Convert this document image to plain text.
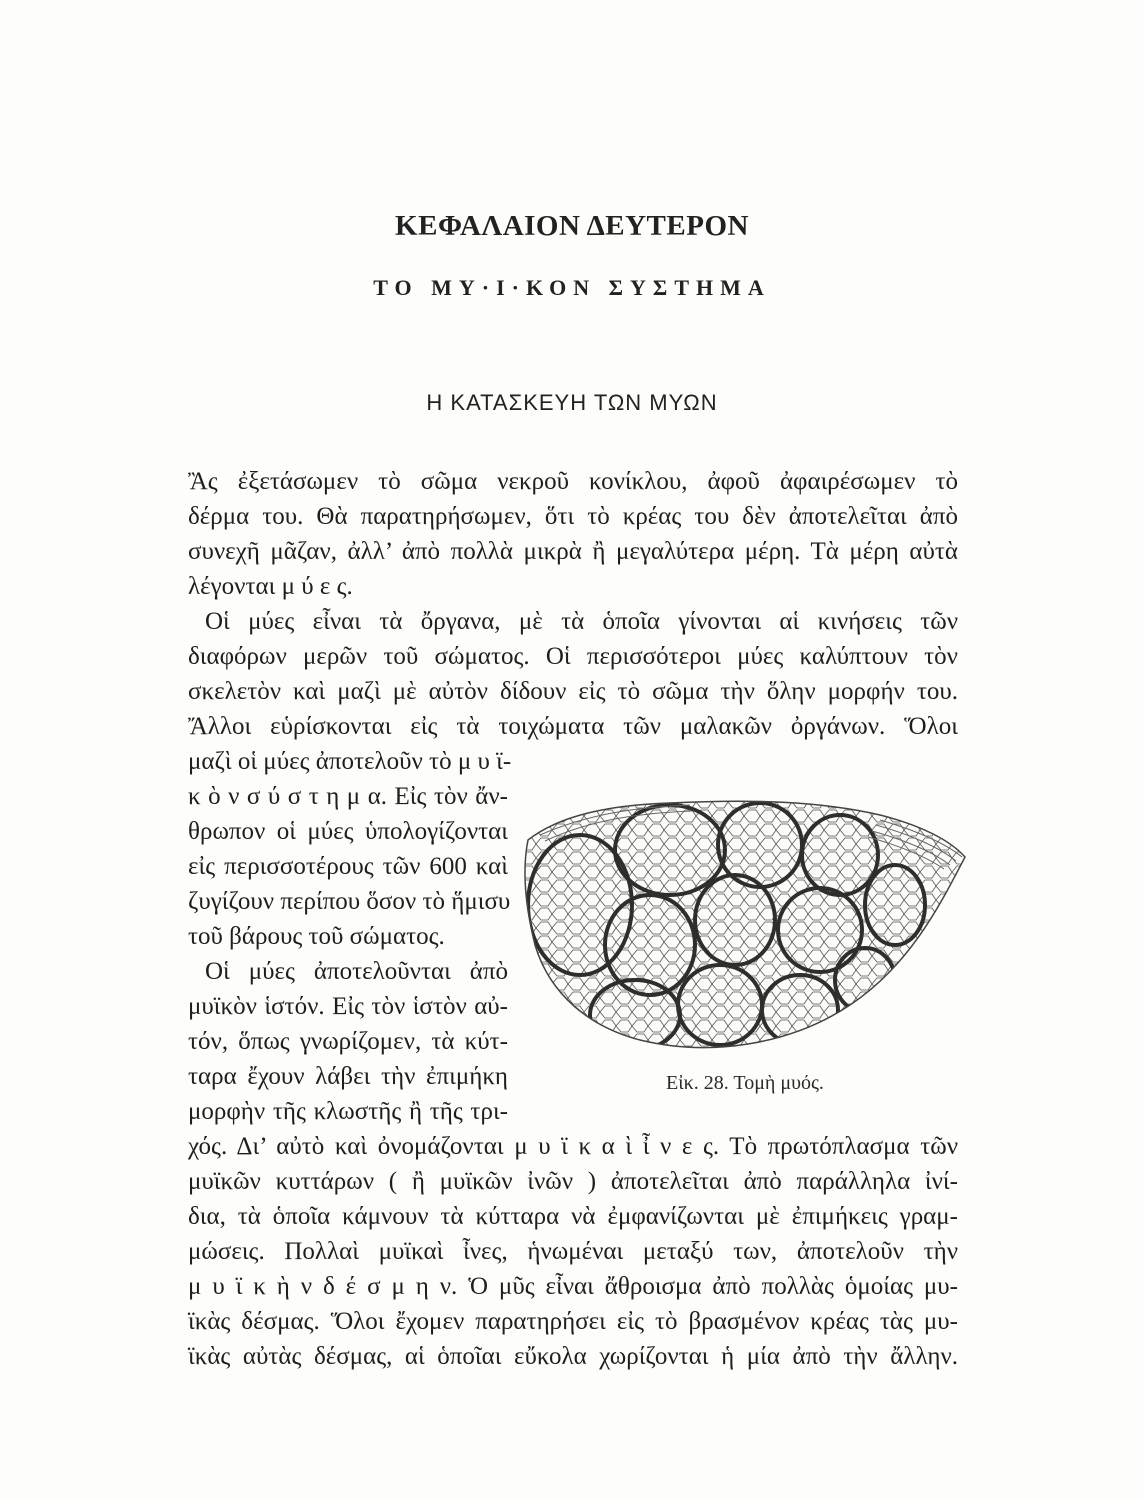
ΚΕΦΑΛΑΙΟΝ ΔΕΥΤΕΡΟΝ
ΤΟ ΜΥ·Ι·ΚΟΝ ΣΥΣΤΗΜΑ
Η ΚΑΤΑΣΚΕΥΗ ΤΩΝ ΜΥΩΝ
Ἂς ἐξετάσωμεν τὸ σῶμα νεκροῦ κονίκλου, ἀφοῦ ἀφαιρέσωμεν τὸ
δέρμα του. Θὰ παρατηρήσωμεν, ὅτι τὸ κρέας του δὲν ἀποτελεῖται ἀπὸ
συνεχῆ μᾶζαν, ἀλλ’ ἀπὸ πολλὰ μικρὰ ἢ μεγαλύτερα μέρη. Τὰ μέρη αὐτὰ
λέγονται μ ύ ε ς.
Οἱ μύες εἶναι τὰ ὄργανα, μὲ τὰ ὁποῖα γίνονται αἱ κινήσεις τῶν
διαφόρων μερῶν τοῦ σώματος. Οἱ περισσότεροι μύες καλύπτουν τὸν
σκελετὸν καὶ μαζὶ μὲ αὐτὸν δίδουν εἰς τὸ σῶμα τὴν ὅλην μορφήν του.
Ἄλλοι εὑρίσκονται εἰς τὰ τοιχώματα τῶν μαλακῶν ὀργάνων. Ὅλοι
μαζὶ οἱ μύες ἀποτελοῦν τὸ μ υ ϊ-
κ ὸ ν σ ύ σ τ η μ α. Εἰς τὸν ἄν-
θρωπον οἱ μύες ὑπολογίζονται
εἰς περισσοτέρους τῶν 600 καὶ
ζυγίζουν περίπου ὅσον τὸ ἥμισυ
τοῦ βάρους τοῦ σώματος.
Οἱ μύες ἀποτελοῦνται ἀπὸ
μυϊκὸν ἱστόν. Εἰς τὸν ἱστὸν αὐ-
τόν, ὅπως γνωρίζομεν, τὰ κύτ-
ταρα ἔχουν λάβει τὴν ἐπιμήκη
μορφὴν τῆς κλωστῆς ἢ τῆς τρι-
Εἰκ. 28. Τομὴ μυός.
χός. Δι’ αὐτὸ καὶ ὀνομάζονται μ υ ϊ κ α ὶ ἶ ν ε ς. Τὸ πρωτόπλασμα τῶν
μυϊκῶν κυττάρων ( ἢ μυϊκῶν ἰνῶν ) ἀποτελεῖται ἀπὸ παράλληλα ἰνί-
δια, τὰ ὁποῖα κάμνουν τὰ κύτταρα νὰ ἐμφανίζωνται μὲ ἐπιμήκεις γραμ-
μώσεις. Πολλαὶ μυϊκαὶ ἶνες, ἡνωμέναι μεταξύ των, ἀποτελοῦν τὴν
μ υ ϊ κ ὴ ν δ έ σ μ η ν. Ὁ μῦς εἶναι ἄθροισμα ἀπὸ πολλὰς ὁμοίας μυ-
ϊκὰς δέσμας. Ὅλοι ἔχομεν παρατηρήσει εἰς τὸ βρασμένον κρέας τὰς μυ-
ϊκὰς αὐτὰς δέσμας, αἱ ὁποῖαι εὔκολα χωρίζονται ἡ μία ἀπὸ τὴν ἄλλην.
